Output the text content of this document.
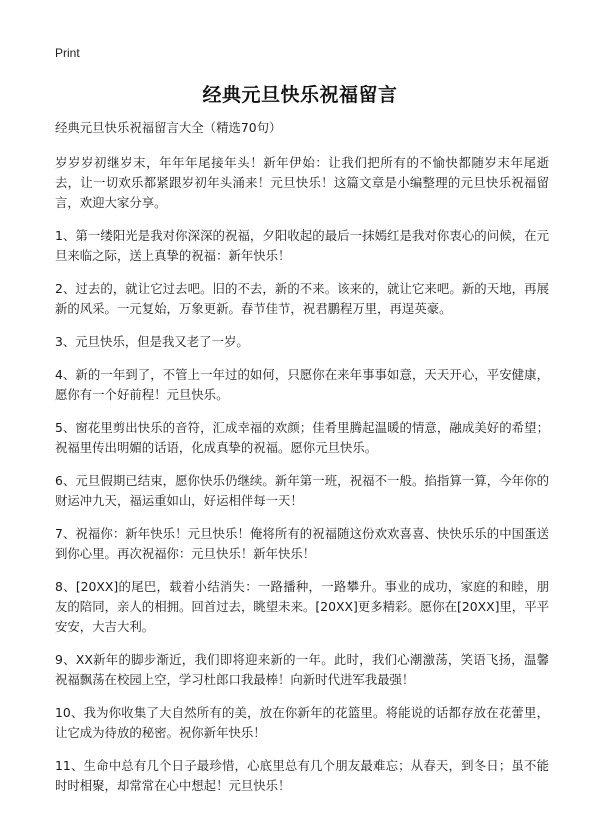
Print
经典元旦快乐祝福留言

经典元旦快乐祝福留言大全（精选70句）

岁岁岁初继岁末，年年年尾接年头！新年伊始：让我们把所有的不愉快都随岁末年尾逝去，让一切欢乐都紧跟岁初年头涌来！元旦快乐！这篇文章是小编整理的元旦快乐祝福留言，欢迎大家分享。

1、第一缕阳光是我对你深深的祝福，夕阳收起的最后一抹嫣红是我对你衷心的问候，在元旦来临之际，送上真挚的祝福：新年快乐！

2、过去的，就让它过去吧。旧的不去，新的不来。该来的，就让它来吧。新的天地，再展新的风采。一元复始，万象更新。春节佳节，祝君鹏程万里，再逞英豪。

3、元旦快乐，但是我又老了一岁。

4、新的一年到了，不管上一年过的如何，只愿你在来年事事如意，天天开心，平安健康，愿你有一个好前程！元旦快乐。

5、窗花里剪出快乐的音符，汇成幸福的欢颜；佳肴里腾起温暖的情意，融成美好的希望；祝福里传出明媚的话语，化成真挚的祝福。愿你元旦快乐。

6、元旦假期已结束，愿你快乐仍继续。新年第一班，祝福不一般。掐指算一算，今年你的财运冲九天，福运重如山，好运相伴每一天！

7、祝福你：新年快乐！元旦快乐！俺将所有的祝福随这份欢欢喜喜、快快乐乐的中国蛋送到你心里。再次祝福你：元旦快乐！新年快乐！

8、[20XX]的尾巴，载着小结消失：一路播种，一路攀升。事业的成功，家庭的和睦，朋友的陪同，亲人的相拥。回首过去，眺望未来。[20XX]更多精彩。愿你在[20XX]里，平平安安，大吉大利。

9、XX新年的脚步渐近，我们即将迎来新的一年。此时，我们心潮激荡，笑语飞扬，温馨祝福飘荡在校园上空，学习杜郎口我最棒！向新时代进军我最强！

10、我为你收集了大自然所有的美，放在你新年的花篮里。将能说的话都存放在花蕾里，让它成为待放的秘密。祝你新年快乐！

11、生命中总有几个日子最珍惜，心底里总有几个朋友最难忘；从春天，到冬日；虽不能时时相聚，却常常在心中想起！元旦快乐！
